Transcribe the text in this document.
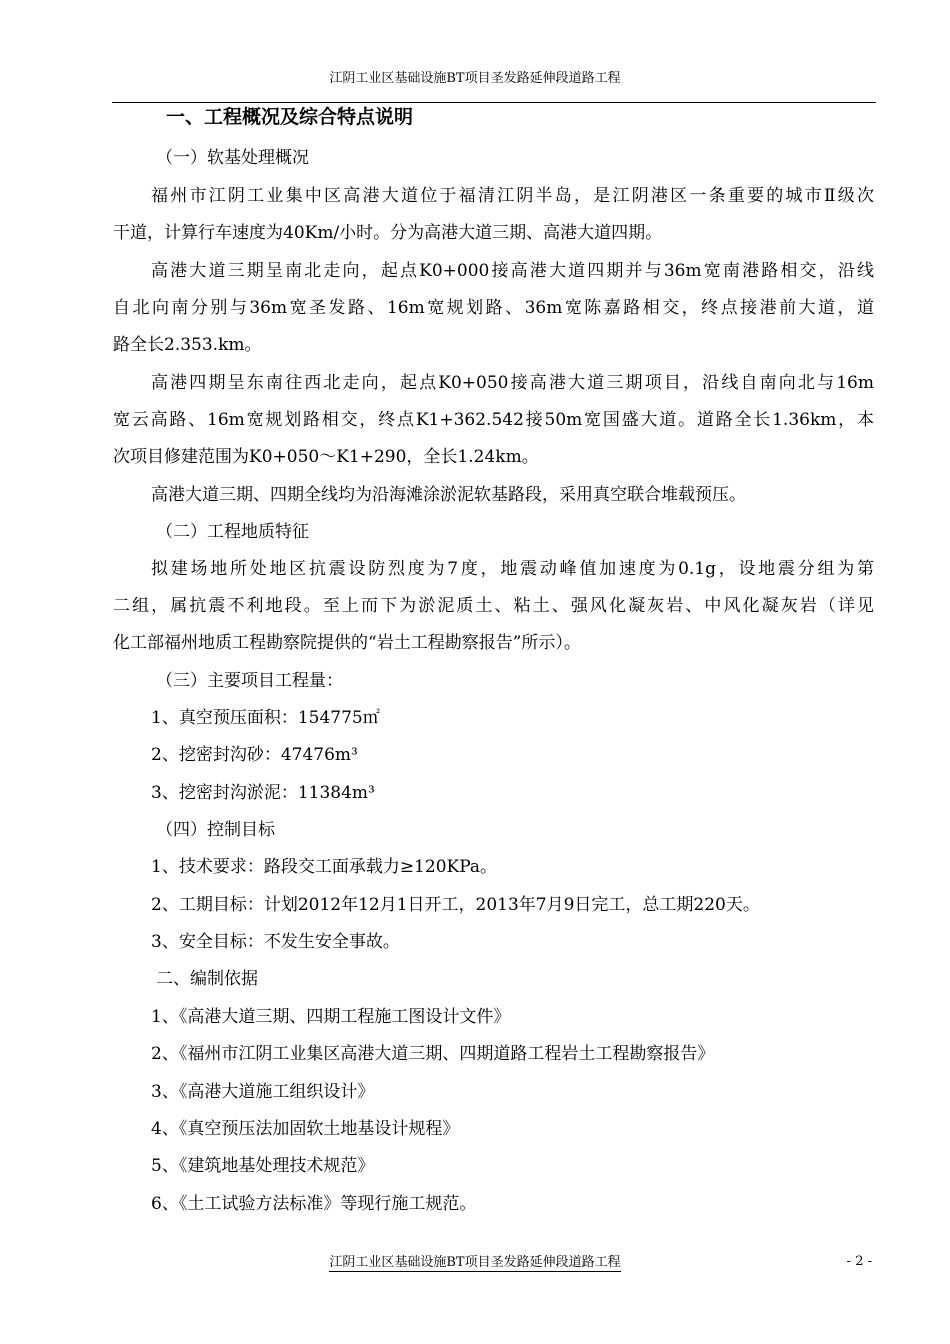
江阴工业区基础设施BT项目圣发路延伸段道路工程
一、工程概况及综合特点说明
（一）软基处理概况
福州市江阴工业集中区高港大道位于福清江阴半岛，是江阴港区一条重要的城市Ⅱ级次
干道，计算行车速度为40Km/小时。分为高港大道三期、高港大道四期。
高港大道三期呈南北走向，起点K0+000接高港大道四期并与36m宽南港路相交，沿线
自北向南分别与36m宽圣发路、16m宽规划路、36m宽陈嘉路相交，终点接港前大道，道
路全长2.353.km。
高港四期呈东南往西北走向，起点K0+050接高港大道三期项目，沿线自南向北与16m
宽云高路、16m宽规划路相交，终点K1+362.542接50m宽国盛大道。道路全长1.36km，本
次项目修建范围为K0+050～K1+290，全长1.24km。
高港大道三期、四期全线均为沿海滩涂淤泥软基路段，采用真空联合堆载预压。
（二）工程地质特征
拟建场地所处地区抗震设防烈度为7度，地震动峰值加速度为0.1g，设地震分组为第
二组，属抗震不利地段。至上而下为淤泥质土、粘土、强风化凝灰岩、中风化凝灰岩（详见
化工部福州地质工程勘察院提供的“岩土工程勘察报告”所示）。
（三）主要项目工程量：
1、真空预压面积：154775㎡
2、挖密封沟砂：47476m³
3、挖密封沟淤泥：11384m³
（四）控制目标
1、技术要求：路段交工面承载力≥120KPa。
2、工期目标：计划2012年12月1日开工，2013年7月9日完工，总工期220天。
3、安全目标：不发生安全事故。
二、编制依据
1、《高港大道三期、四期工程施工图设计文件》
2、《福州市江阴工业集区高港大道三期、四期道路工程岩土工程勘察报告》
3、《高港大道施工组织设计》
4、《真空预压法加固软土地基设计规程》
5、《建筑地基处理技术规范》
6、《土工试验方法标准》等现行施工规范。
江阴工业区基础设施BT项目圣发路延伸段道路工程	- 2 -
